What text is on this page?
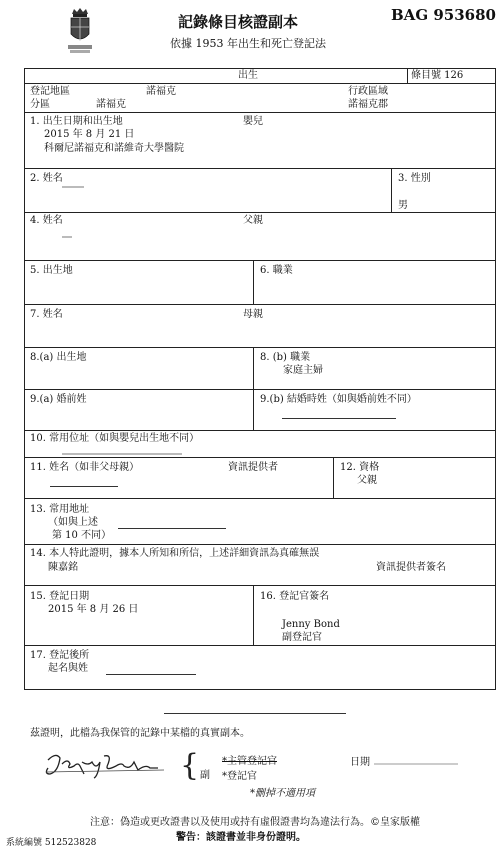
記錄條目核證副本
依據 1953 年出生和死亡登記法
BAG 953680
出生	條目號 126
登記地區	諾福克	行政區域
分區	諾福克	諾福克郡
1. 出生日期和出生地	嬰兒
2015 年 8 月 21 日
科爾尼諾福克和諾維奇大學醫院
2. 姓名	3. 性別
男
4. 姓名	父親
5. 出生地	6. 職業
7. 姓名	母親
8.(a) 出生地	8. (b) 職業
家庭主婦
9.(a) 婚前姓	9.(b) 結婚時姓（如與婚前姓不同）
10. 常用位址（如與嬰兒出生地不同）
11. 姓名（如非父母親）	資訊提供者	12. 資格
父親
13. 常用地址
（如與上述
第 10 不同）
14. 本人特此證明，據本人所知和所信，上述詳細資訊為真確無誤
陳嘉銘	資訊提供者簽名
15. 登記日期
2015 年 8 月 26 日
16. 登記官簽名
Jenny Bond
副登記官
17. 登記後所
起名與姓
茲證明，此檔為我保管的記錄中某檔的真實副本。
{ 副
*主管登記官
*登記官
*刪掉不適用項
日期
注意：偽造或更改證書以及使用或持有虛假證書均為違法行為。©皇家版權
警告：該證書並非身份證明。
系統編號 512523828
